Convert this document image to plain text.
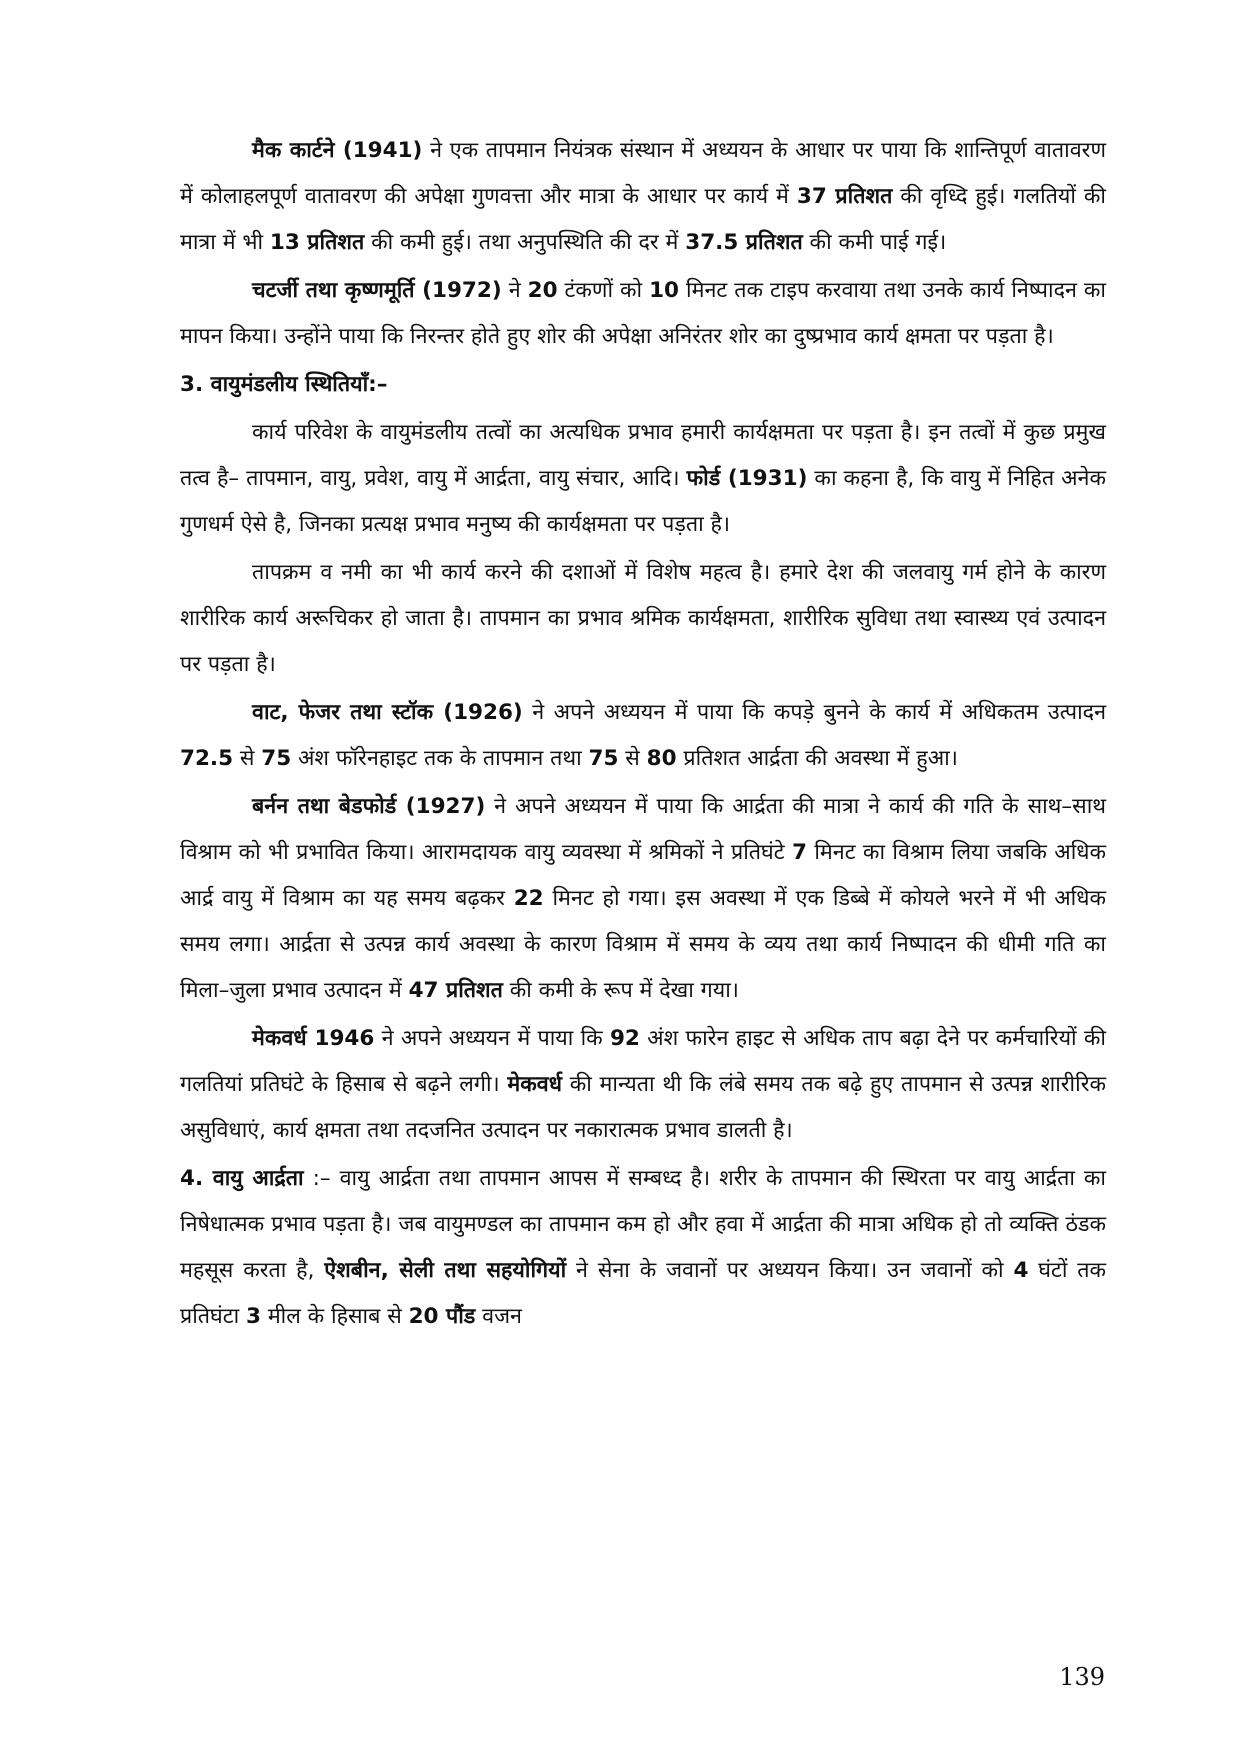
मैक कार्टने (1941) ने एक तापमान नियंत्रक संस्थान में अध्ययन के आधार पर पाया कि शान्तिपूर्ण वातावरण में कोलाहलपूर्ण वातावरण की अपेक्षा गुणवत्ता और मात्रा के आधार पर कार्य में 37 प्रतिशत की वृध्दि हुई। गलतियों की मात्रा में भी 13 प्रतिशत की कमी हुई। तथा अनुपस्थिति की दर में 37.5 प्रतिशत की कमी पाई गई।

चटर्जी तथा कृष्णमूर्ति (1972) ने 20 टंकणों को 10 मिनट तक टाइप करवाया तथा उनके कार्य निष्पादन का मापन किया। उन्होंने पाया कि निरन्तर होते हुए शोर की अपेक्षा अनिरंतर शोर का दुष्प्रभाव कार्य क्षमता पर पड़ता है।

3. वायुमंडलीय स्थितियॉं:–

कार्य परिवेश के वायुमंडलीय तत्वों का अत्यधिक प्रभाव हमारी कार्यक्षमता पर पड़ता है। इन तत्वों में कुछ प्रमुख तत्व है– तापमान, वायु, प्रवेश, वायु में आर्द्रता, वायु संचार, आदि। फोर्ड (1931) का कहना है, कि वायु में निहित अनेक गुणधर्म ऐसे है, जिनका प्रत्यक्ष प्रभाव मनुष्य की कार्यक्षमता पर पड़ता है।

तापक्रम व नमी का भी कार्य करने की दशाओं में विशेष महत्व है। हमारे देश की जलवायु गर्म होने के कारण शारीरिक कार्य अरूचिकर हो जाता है। तापमान का प्रभाव श्रमिक कार्यक्षमता, शारीरिक सुविधा तथा स्वास्थ्य एवं उत्पादन पर पड़ता है।

वाट, फेजर तथा स्टॉक (1926) ने अपने अध्ययन में पाया कि कपड़े बुनने के कार्य में अधिकतम उत्पादन 72.5 से 75 अंश फॉरेनहाइट तक के तापमान तथा 75 से 80 प्रतिशत आर्द्रता की अवस्था में हुआ।

बर्नन तथा बेडफोर्ड (1927) ने अपने अध्ययन में पाया कि आर्द्रता की मात्रा ने कार्य की गति के साथ–साथ विश्राम को भी प्रभावित किया। आरामदायक वायु व्यवस्था में श्रमिकों ने प्रतिघंटे 7 मिनट का विश्राम लिया जबकि अधिक आर्द्र वायु में विश्राम का यह समय बढ़कर 22 मिनट हो गया। इस अवस्था में एक डिब्बे में कोयले भरने में भी अधिक समय लगा। आर्द्रता से उत्पन्न कार्य अवस्था के कारण विश्राम में समय के व्यय तथा कार्य निष्पादन की धीमी गति का मिला–जुला प्रभाव उत्पादन में 47 प्रतिशत की कमी के रूप में देखा गया।

मेकवर्ध 1946 ने अपने अध्ययन में पाया कि 92 अंश फारेन हाइट से अधिक ताप बढ़ा देने पर कर्मचारियों की गलतियां प्रतिघंटे के हिसाब से बढ़ने लगी। मेकवर्ध की मान्यता थी कि लंबे समय तक बढ़े हुए तापमान से उत्पन्न शारीरिक असुविधाएं, कार्य क्षमता तथा तदजनित उत्पादन पर नकारात्मक प्रभाव डालती है।

4. वायु आर्द्रता :– वायु आर्द्रता तथा तापमान आपस में सम्बध्द है। शरीर के तापमान की स्थिरता पर वायु आर्द्रता का निषेधात्मक प्रभाव पड़ता है। जब वायुमण्डल का तापमान कम हो और हवा में आर्द्रता की मात्रा अधिक हो तो व्यक्ति ठंडक महसूस करता है, ऐशबीन, सेली तथा सहयोगियों ने सेना के जवानों पर अध्ययन किया। उन जवानों को 4 घंटों तक प्रतिघंटा 3 मील के हिसाब से 20 पौंड वजन

139
